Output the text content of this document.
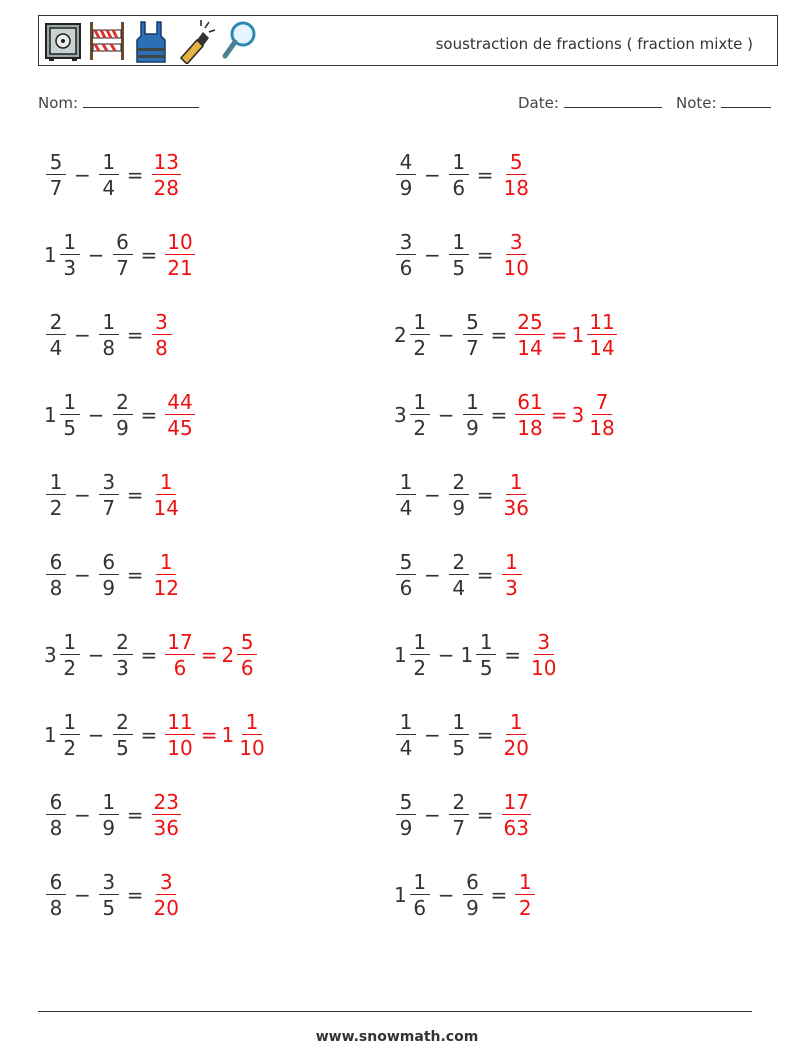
soustraction de fractions ( fraction mixte )
Nom:	Date:	Note:
$\frac{5}{7} - \frac{1}{4} = \frac{13}{28}$	$\frac{4}{9} - \frac{1}{6} = \frac{5}{18}$
$1 \frac{1}{3} - \frac{6}{7} = \frac{10}{21}$	$\frac{3}{6} - \frac{1}{5} = \frac{3}{10}$
$\frac{2}{4} - \frac{1}{8} = \frac{3}{8}$	$2 \frac{1}{2} - \frac{5}{7} = \frac{25}{14} = 1 \frac{11}{14}$
$1 \frac{1}{5} - \frac{2}{9} = \frac{44}{45}$	$3 \frac{1}{2} - \frac{1}{9} = \frac{61}{18} = 3 \frac{7}{18}$
$\frac{1}{2} - \frac{3}{7} = \frac{1}{14}$	$\frac{1}{4} - \frac{2}{9} = \frac{1}{36}$
$\frac{6}{8} - \frac{6}{9} = \frac{1}{12}$	$\frac{5}{6} - \frac{2}{4} = \frac{1}{3}$
$3 \frac{1}{2} - \frac{2}{3} = \frac{17}{6} = 2 \frac{5}{6}$	$1 \frac{1}{2} - 1 \frac{1}{5} = \frac{3}{10}$
$1 \frac{1}{2} - \frac{2}{5} = \frac{11}{10} = 1 \frac{1}{10}$	$\frac{1}{4} - \frac{1}{5} = \frac{1}{20}$
$\frac{6}{8} - \frac{1}{9} = \frac{23}{36}$	$\frac{5}{9} - \frac{2}{7} = \frac{17}{63}$
$\frac{6}{8} - \frac{3}{5} = \frac{3}{20}$	$1 \frac{1}{6} - \frac{6}{9} = \frac{1}{2}$
www.snowmath.com
